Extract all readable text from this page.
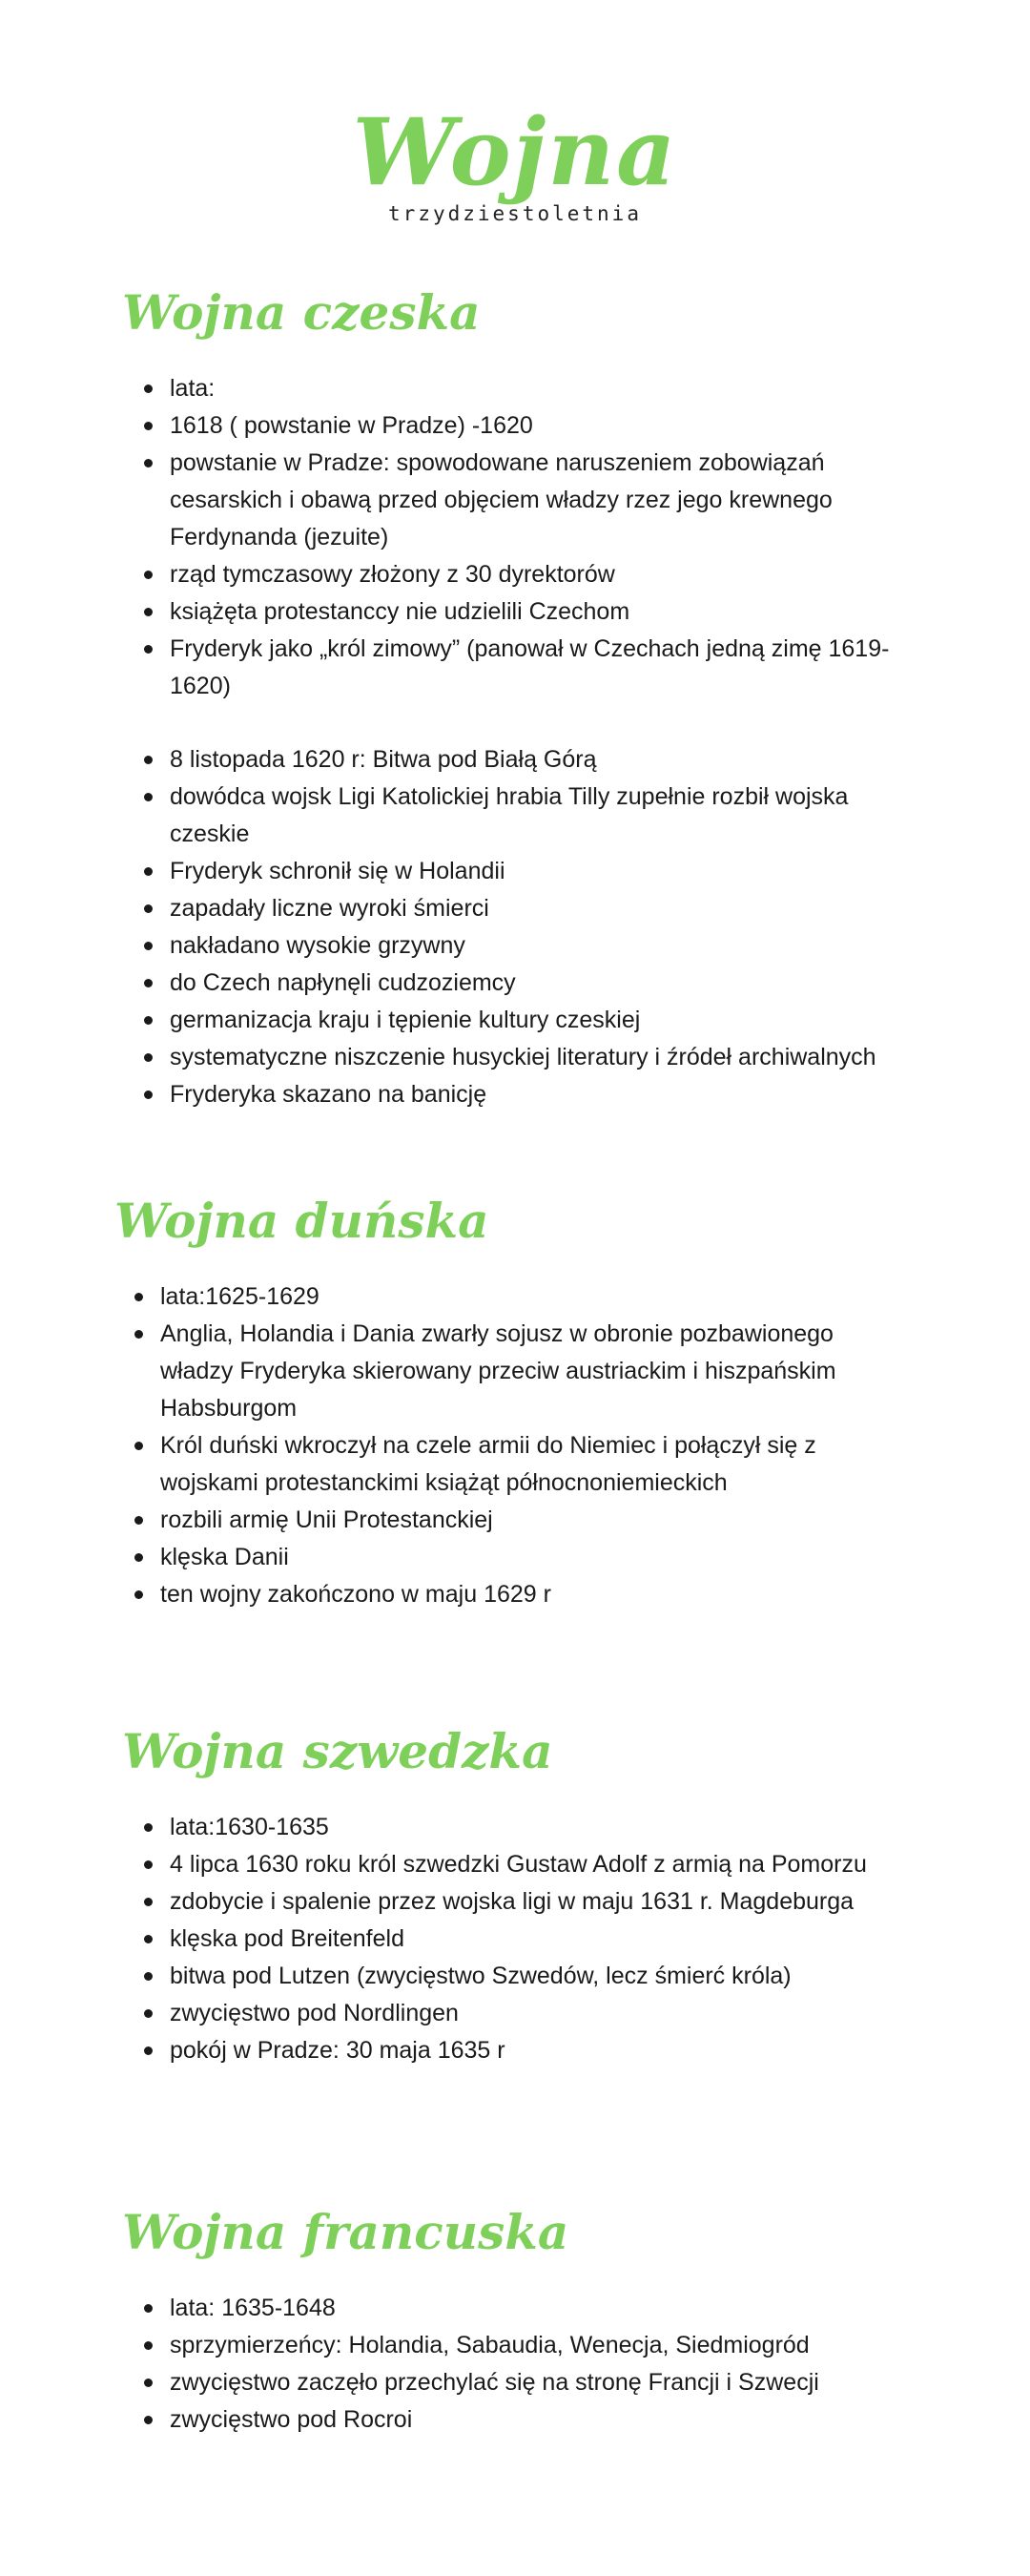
Wojna
trzydziestoletnia
Wojna czeska
lata:
1618 ( powstanie w Pradze) -1620
powstanie w Pradze: spowodowane naruszeniem zobowiązań cesarskich i obawą przed objęciem władzy rzez jego krewnego Ferdynanda (jezuite)
rząd tymczasowy złożony z 30 dyrektorów
książęta protestanccy nie udzielili Czechom
Fryderyk jako „król zimowy” (panował w Czechach jedną zimę 1619-1620)
8 listopada 1620 r: Bitwa pod Białą Górą
dowódca wojsk Ligi Katolickiej hrabia Tilly zupełnie rozbił wojska czeskie
Fryderyk schronił się w Holandii
zapadały liczne wyroki śmierci
nakładano wysokie grzywny
do Czech napłynęli cudzoziemcy
germanizacja kraju i tępienie kultury czeskiej
systematyczne niszczenie husyckiej literatury i źródeł archiwalnych
Fryderyka skazano na banicję
Wojna duńska
lata:1625-1629
Anglia, Holandia i Dania zwarły sojusz w obronie pozbawionego władzy Fryderyka skierowany przeciw austriackim i hiszpańskim Habsburgom
Król duński wkroczył na czele armii do Niemiec i połączył się z wojskami protestanckimi książąt północnoniemieckich
rozbili armię Unii Protestanckiej
klęska Danii
ten wojny zakończono w maju 1629 r
Wojna szwedzka
lata:1630-1635
4 lipca 1630 roku król szwedzki Gustaw Adolf z armią na Pomorzu
zdobycie i spalenie przez wojska ligi w maju 1631 r. Magdeburga
klęska pod Breitenfeld
bitwa pod Lutzen (zwycięstwo Szwedów, lecz śmierć króla)
zwycięstwo pod Nordlingen
pokój w Pradze: 30 maja 1635 r
Wojna francuska
lata: 1635-1648
sprzymierzeńcy: Holandia, Sabaudia, Wenecja, Siedmiogród
zwycięstwo zaczęło przechylać się na stronę Francji i Szwecji
zwycięstwo pod Rocroi
